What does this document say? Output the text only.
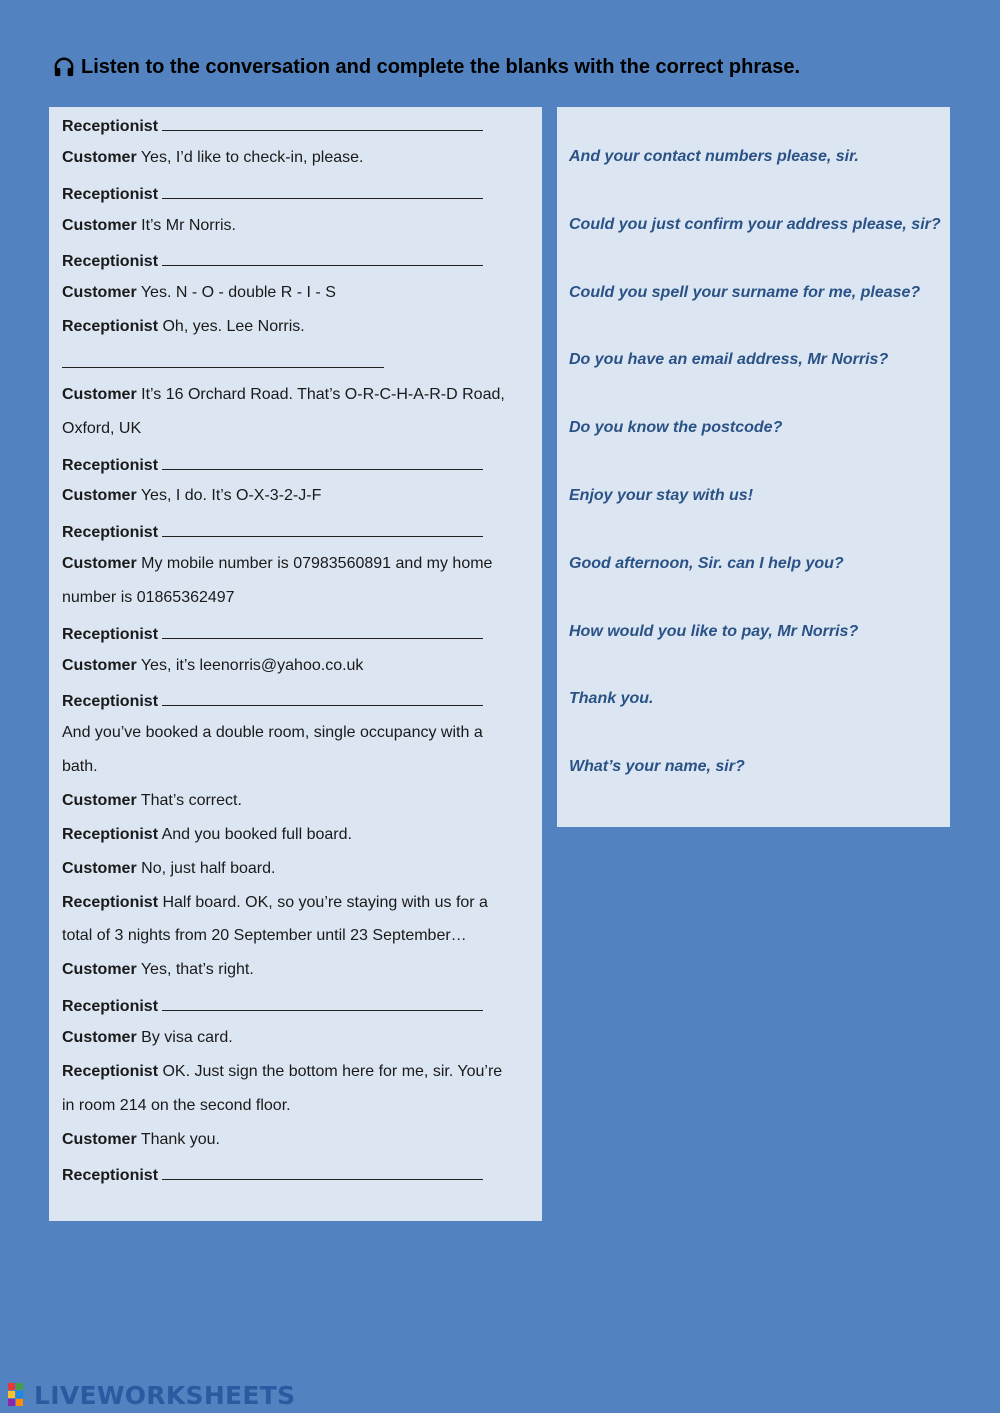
Listen to the conversation and complete the blanks with the correct phrase.
Receptionist
Customer Yes, I’d like to check-in, please.
Receptionist
Customer It’s Mr Norris.
Receptionist
Customer Yes. N - O - double R - I - S
Receptionist Oh, yes. Lee Norris.
Customer It’s 16 Orchard Road. That’s O-R-C-H-A-R-D Road,
Oxford, UK
Receptionist
Customer Yes, I do. It’s O-X-3-2-J-F
Receptionist
Customer My mobile number is 07983560891 and my home
number is 01865362497
Receptionist
Customer Yes, it’s leenorris@yahoo.co.uk
Receptionist
And you’ve booked a double room, single occupancy with a
bath.
Customer That’s correct.
Receptionist And you booked full board.
Customer No, just half board.
Receptionist Half board. OK, so you’re staying with us for a
total of 3 nights from 20 September until 23 September…
Customer Yes, that’s right.
Receptionist
Customer By visa card.
Receptionist OK. Just sign the bottom here for me, sir. You’re
in room 214 on the second floor.
Customer Thank you.
Receptionist
And your contact numbers please, sir.
Could you just confirm your address please, sir?
Could you spell your surname for me, please?
Do you have an email address, Mr Norris?
Do you know the postcode?
Enjoy your stay with us!
Good afternoon, Sir. can I help you?
How would you like to pay, Mr Norris?
Thank you.
What’s your name, sir?
LIVEWORKSHEETS
